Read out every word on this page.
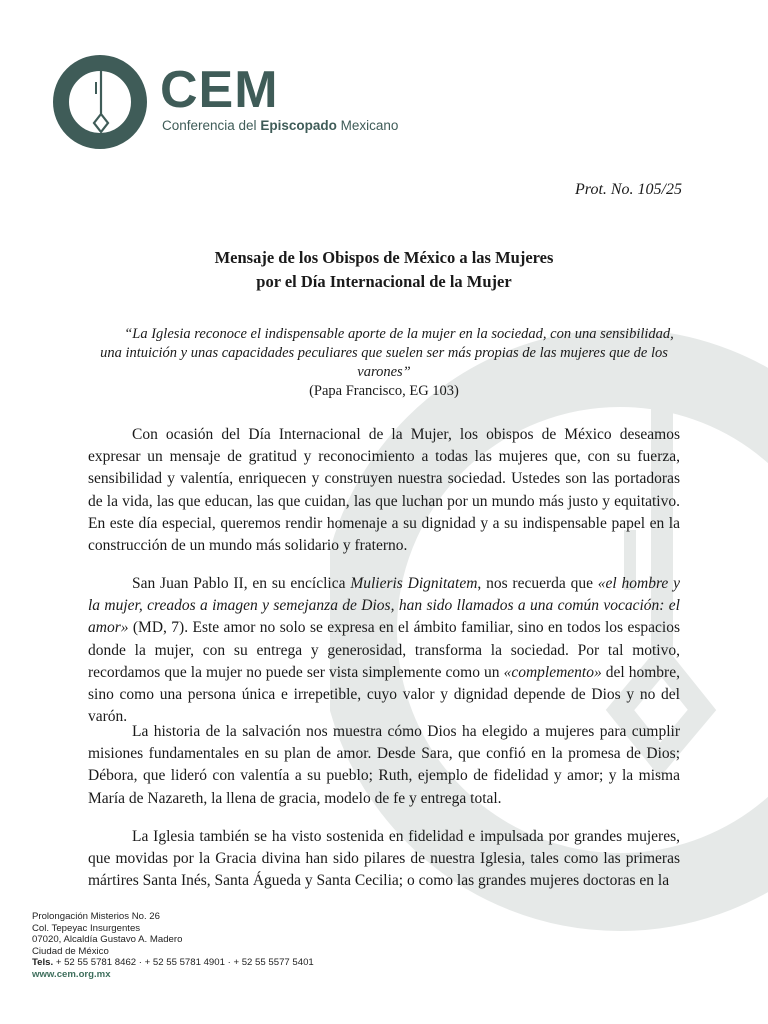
CEM
Conferencia del Episcopado Mexicano
Prot. No. 105/25
Mensaje de los Obispos de México a las Mujeres
por el Día Internacional de la Mujer
“La Iglesia reconoce el indispensable aporte de la mujer en la sociedad, con una sensibilidad, una intuición y unas capacidades peculiares que suelen ser más propias de las mujeres que de los varones”
(Papa Francisco, EG 103)

Con ocasión del Día Internacional de la Mujer, los obispos de México deseamos expresar un mensaje de gratitud y reconocimiento a todas las mujeres que, con su fuerza, sensibilidad y valentía, enriquecen y construyen nuestra sociedad. Ustedes son las portadoras de la vida, las que educan, las que cuidan, las que luchan por un mundo más justo y equitativo. En este día especial, queremos rendir homenaje a su dignidad y a su indispensable papel en la construcción de un mundo más solidario y fraterno.

San Juan Pablo II, en su encíclica Mulieris Dignitatem, nos recuerda que «el hombre y la mujer, creados a imagen y semejanza de Dios, han sido llamados a una común vocación: el amor» (MD, 7). Este amor no solo se expresa en el ámbito familiar, sino en todos los espacios donde la mujer, con su entrega y generosidad, transforma la sociedad. Por tal motivo, recordamos que la mujer no puede ser vista simplemente como un «complemento» del hombre, sino como una persona única e irrepetible, cuyo valor y dignidad depende de Dios y no del varón.

La historia de la salvación nos muestra cómo Dios ha elegido a mujeres para cumplir misiones fundamentales en su plan de amor. Desde Sara, que confió en la promesa de Dios; Débora, que lideró con valentía a su pueblo; Ruth, ejemplo de fidelidad y amor; y la misma María de Nazareth, la llena de gracia, modelo de fe y entrega total.

La Iglesia también se ha visto sostenida en fidelidad e impulsada por grandes mujeres, que movidas por la Gracia divina han sido pilares de nuestra Iglesia, tales como las primeras mártires Santa Inés, Santa Águeda y Santa Cecilia; o como las grandes mujeres doctoras en la

Prolongación Misterios No. 26
Col. Tepeyac Insurgentes
07020, Alcaldía Gustavo A. Madero
Ciudad de México
Tels. + 52 55 5781 8462 · + 52 55 5781 4901 · + 52 55 5577 5401
www.cem.org.mx
